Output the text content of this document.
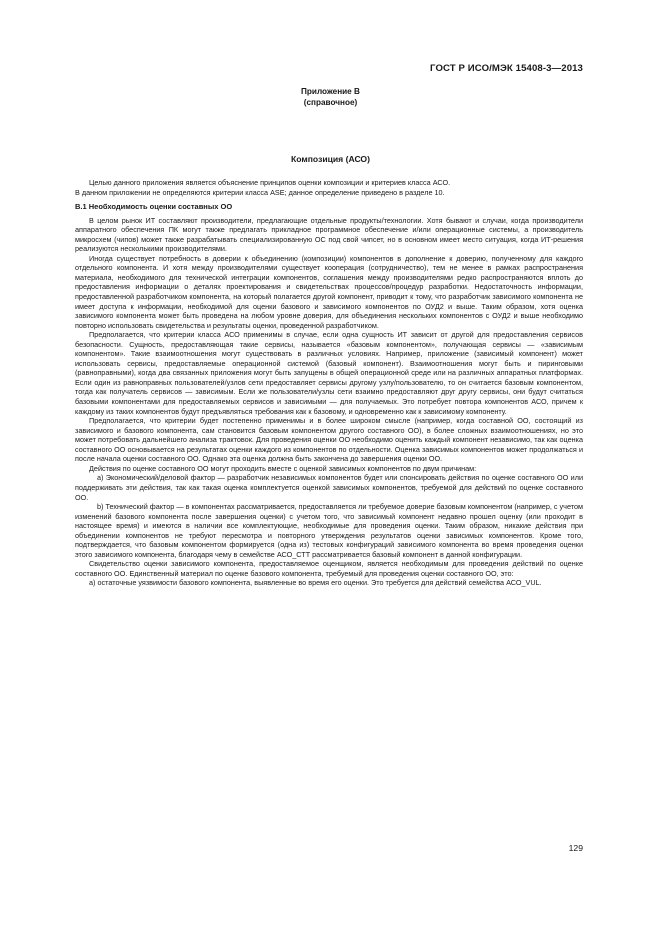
ГОСТ Р ИСО/МЭК 15408-3—2013
Приложение В
(справочное)
Композиция (АСО)

Целью данного приложения является объяснение принципов оценки композиции и критериев класса АСО.

В данном приложении не определяются критерии класса ASE; данное определение приведено в разделе 10.

В.1 Необходимость оценки составных ОО

В целом рынок ИТ составляют производители, предлагающие отдельные продукты/технологии. Хотя бывают и случаи, когда производители аппаратного обеспечения ПК могут также предлагать прикладное программное обеспечение и/или операционные системы, а производитель микросхем (чипов) может также разрабатывать специализированную ОС под свой чипсет, но в основном имеет место ситуация, когда ИТ-решения реализуются несколькими производителями.

Иногда существует потребность в доверии к объединению (композиции) компонентов в дополнение к доверию, полученному для каждого отдельного компонента. И хотя между производителями существует кооперация (сотрудничество), тем не менее в рамках распространения материала, необходимого для технической интеграции компонентов, соглашения между производителями редко распространяются вплоть до предоставления информации о деталях проектирования и свидетельствах процессов/процедур разработки. Недостаточность информации, предоставленной разработчиком компонента, на который полагается другой компонент, приводит к тому, что разработчик зависимого компонента не имеет доступа к информации, необходимой для оценки базового и зависимого компонентов по ОУД2 и выше. Таким образом, хотя оценка зависимого компонента может быть проведена на любом уровне доверия, для объединения нескольких компонентов с ОУД2 и выше необходимо повторно использовать свидетельства и результаты оценки, проведенной разработчиком.

Предполагается, что критерии класса АСО применимы в случае, если одна сущность ИТ зависит от другой для предоставления сервисов безопасности. Сущность, предоставляющая такие сервисы, называется «базовым компонентом», получающая сервисы — «зависимым компонентом». Такие взаимоотношения могут существовать в различных условиях. Например, приложение (зависимый компонент) может использовать сервисы, предоставляемые операционной системой (базовый компонент). Взаимоотношения могут быть и пиринговыми (равноправными), когда два связанных приложения могут быть запущены в общей операционной среде или на различных аппаратных платформах. Если один из равноправных пользователей/узлов сети предоставляет сервисы другому узлу/пользователю, то он считается базовым компонентом, тогда как получатель сервисов — зависимым. Если же пользователи/узлы сети взаимно предоставляют друг другу сервисы, они будут считаться базовыми компонентами для предоставляемых сервисов и зависимыми — для получаемых. Это потребует повтора компонентов АСО, причем к каждому из таких компонентов будут предъявляться требования как к базовому, и одновременно как к зависимому компоненту.

Предполагается, что критерии будет постепенно применимы и в более широком смысле (например, когда составной ОО, состоящий из зависимого и базового компонента, сам становится базовым компонентом другого составного ОО), в более сложных взаимоотношениях, но это может потребовать дальнейшего анализа трактовок. Для проведения оценки ОО необходимо оценить каждый компонент независимо, так как оценка составного ОО основывается на результатах оценки каждого из компонентов по отдельности. Оценка зависимых компонентов может продолжаться и после начала оценки составного ОО. Однако эта оценка должна быть закончена до завершения оценки ОО.

Действия по оценке составного ОО могут проходить вместе с оценкой зависимых компонентов по двум причинам:

а) Экономический/деловой фактор — разработчик независимых компонентов будет или спонсировать действия по оценке составного ОО или поддерживать эти действия, так как такая оценка комплектуется оценкой зависимых компонентов, требуемой для действий по оценке составного ОО.

b) Технический фактор — в компонентах рассматривается, предоставляется ли требуемое доверие базовым компонентом (например, с учетом изменений базового компонента после завершения оценки) с учетом того, что зависимый компонент недавно прошел оценку (или проходит в настоящее время) и имеются в наличии все комплектующие, необходимые для проведения оценки. Таким образом, никакие действия при объединении компонентов не требуют пересмотра и повторного утверждения результатов оценки зависимых компонентов. Кроме того, подтверждается, что базовым компонентом формируется (одна из) тестовых конфигураций зависимого компонента во время проведения оценки этого зависимого компонента, благодаря чему в семействе АСО_СТТ рассматривается базовый компонент в данной конфигурации.

Свидетельство оценки зависимого компонента, предоставляемое оценщиком, является необходимым для проведения действий по оценке составного ОО. Единственный материал по оценке базового компонента, требуемый для проведения оценки составного ОО, это:

а) остаточные уязвимости базового компонента, выявленные во время его оценки. Это требуется для действий семейства АСО_VUL.

129
